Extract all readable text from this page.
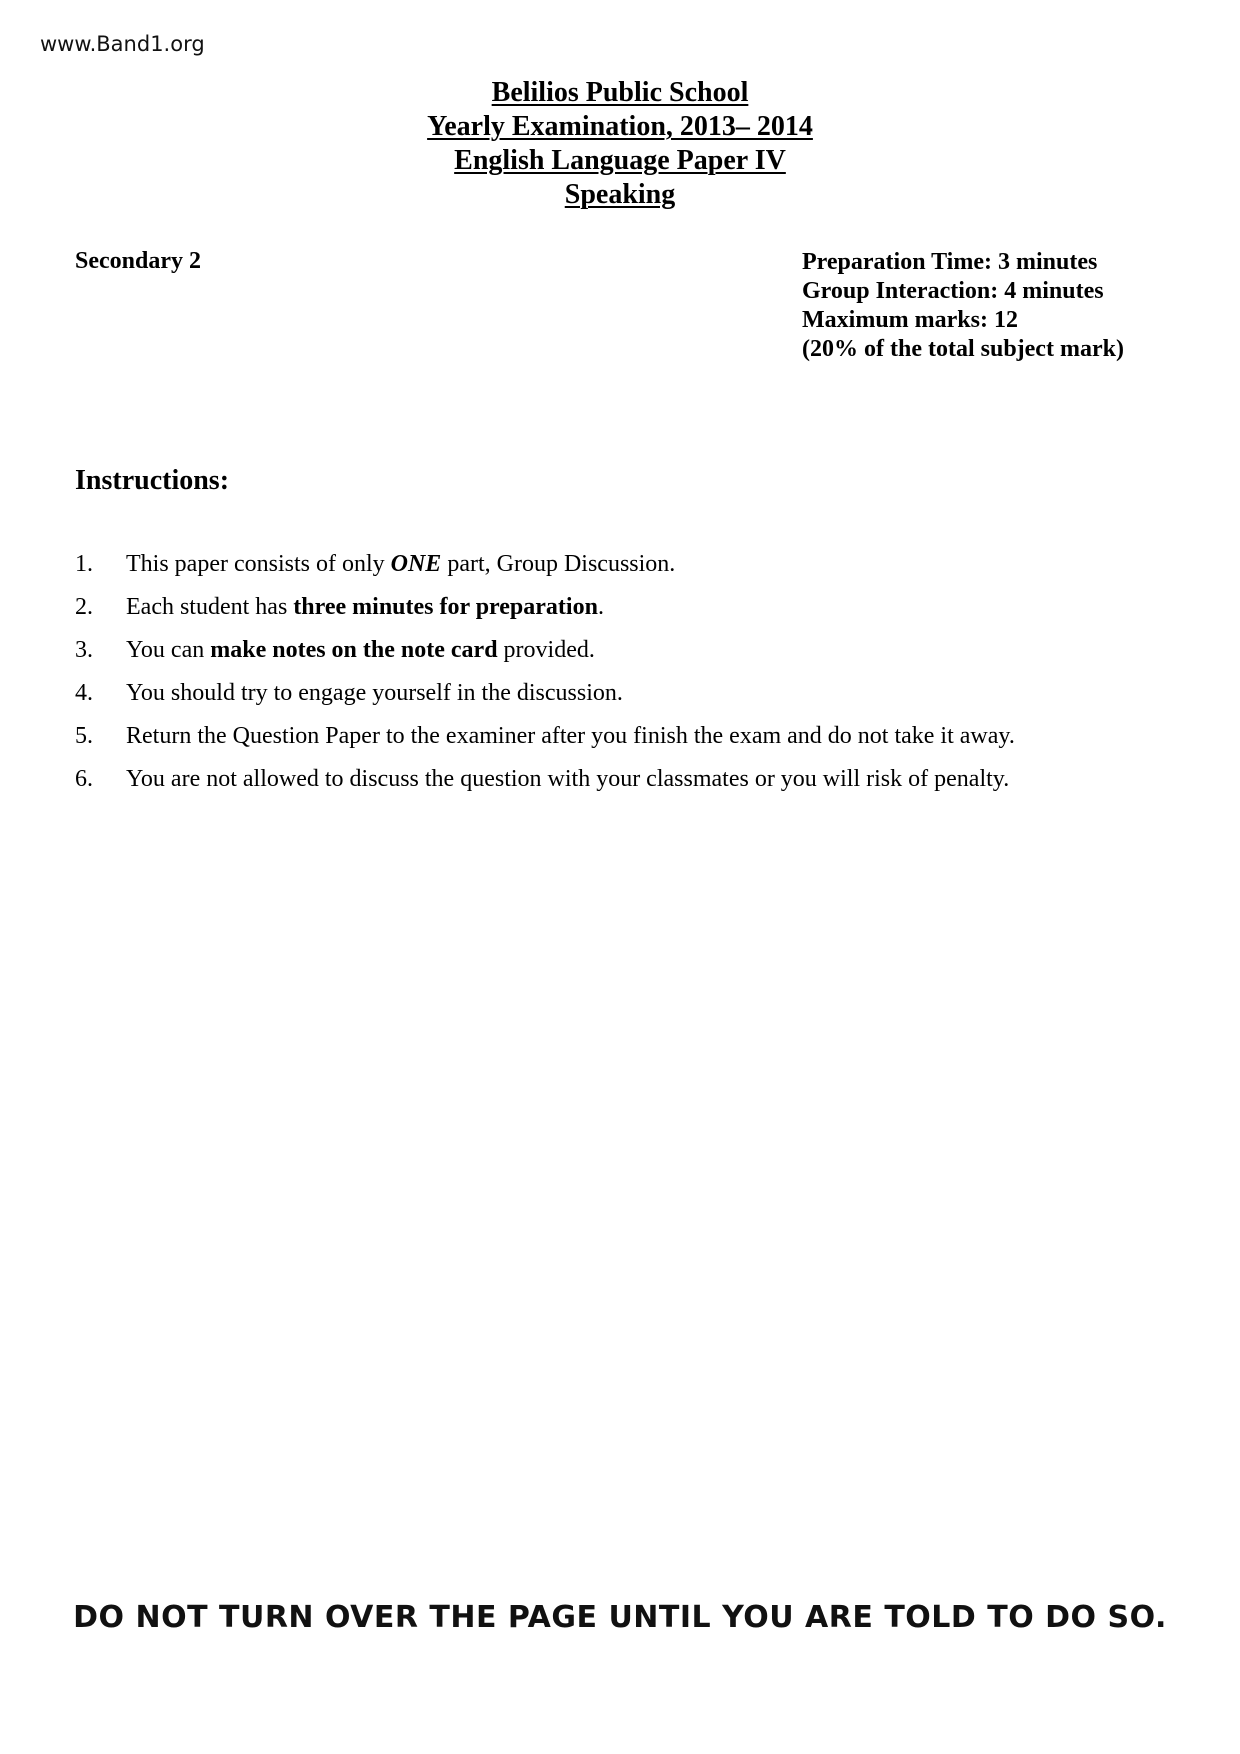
www.Band1.org
Belilios Public School
Yearly Examination, 2013– 2014
English Language Paper IV
Speaking
Secondary 2	Preparation Time: 3 minutes
Group Interaction: 4 minutes
Maximum marks: 12
(20% of the total subject mark)
Instructions:
1.	This paper consists of only ONE part, Group Discussion.
2.	Each student has three minutes for preparation.
3.	You can make notes on the note card provided.
4.	You should try to engage yourself in the discussion.
5.	Return the Question Paper to the examiner after you finish the exam and do not take it away.
6.	You are not allowed to discuss the question with your classmates or you will risk of penalty.
DO NOT TURN OVER THE PAGE UNTIL YOU ARE TOLD TO DO SO.
